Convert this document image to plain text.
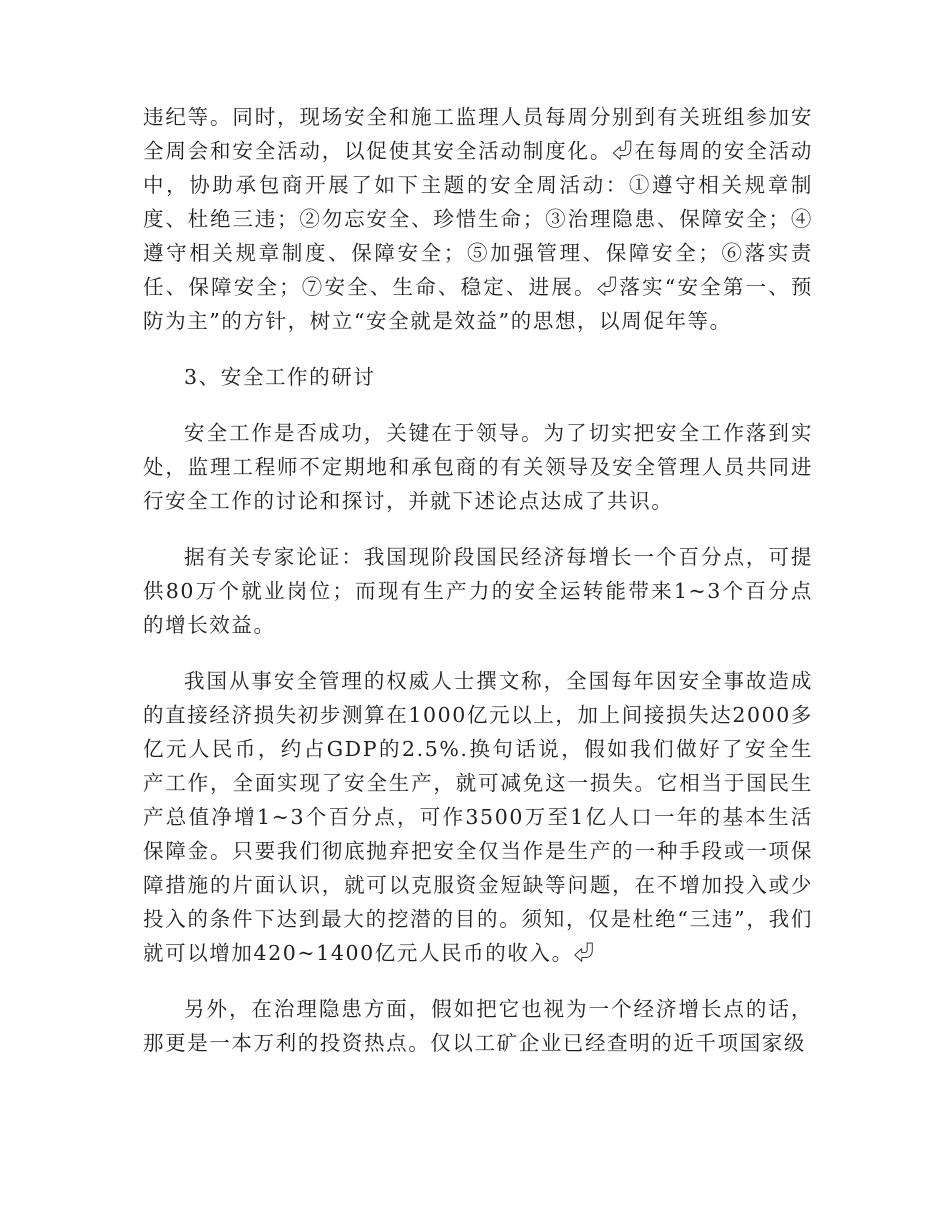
违纪等。同时，现场安全和施工监理人员每周分别到有关班组参加安全周会和安全活动，以促使其安全活动制度化。⏎在每周的安全活动中，协助承包商开展了如下主题的安全周活动：①遵守相关规章制度、杜绝三违；②勿忘安全、珍惜生命；③治理隐患、保障安全；④遵守相关规章制度、保障安全；⑤加强管理、保障安全；⑥落实责任、保障安全；⑦安全、生命、稳定、进展。⏎落实“安全第一、预防为主”的方针，树立“安全就是效益”的思想，以周促年等。

3、安全工作的研讨

安全工作是否成功，关键在于领导。为了切实把安全工作落到实处，监理工程师不定期地和承包商的有关领导及安全管理人员共同进行安全工作的讨论和探讨，并就下述论点达成了共识。

据有关专家论证：我国现阶段国民经济每增长一个百分点，可提供80万个就业岗位；而现有生产力的安全运转能带来1~3个百分点的增长效益。

我国从事安全管理的权威人士撰文称，全国每年因安全事故造成的直接经济损失初步测算在1000亿元以上，加上间接损失达2000多亿元人民币，约占GDP的2.5%.换句话说，假如我们做好了安全生产工作，全面实现了安全生产，就可减免这一损失。它相当于国民生产总值净增1~3个百分点，可作3500万至1亿人口一年的基本生活保障金。只要我们彻底抛弃把安全仅当作是生产的一种手段或一项保障措施的片面认识，就可以克服资金短缺等问题，在不增加投入或少投入的条件下达到最大的挖潜的目的。须知，仅是杜绝“三违”，我们就可以增加420~1400亿元人民币的收入。⏎

另外，在治理隐患方面，假如把它也视为一个经济增长点的话，那更是一本万利的投资热点。仅以工矿企业已经查明的近千项国家级
